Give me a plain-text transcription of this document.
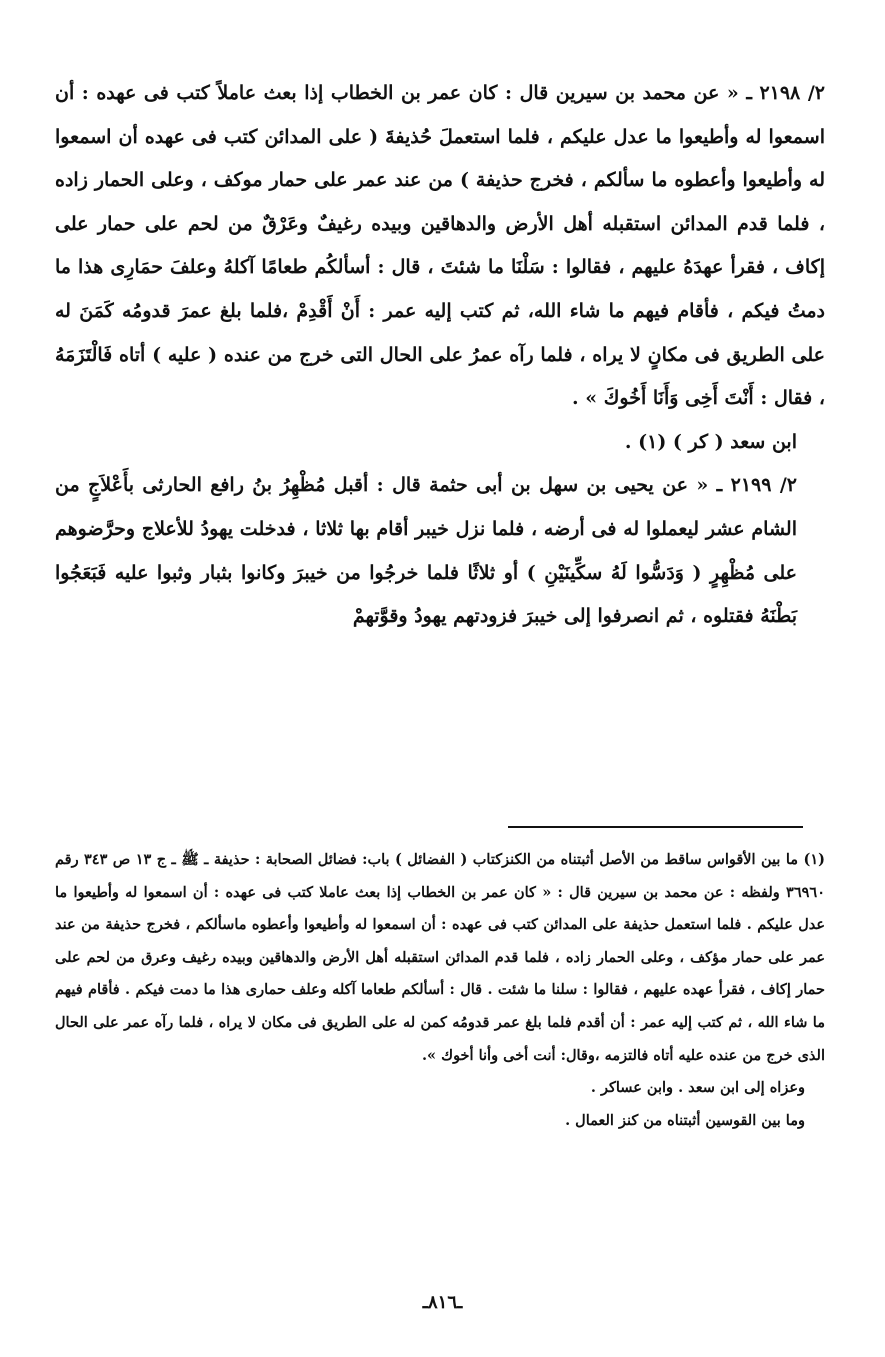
٢/ ٢١٩٨ ـ « عن محمد بن سيرين قال : كان عمر بن الخطاب إذا بعث عاملاً كتب فى عهده : أن اسمعوا له وأطيعوا ما عدل عليكم ، فلما استعملَ حُذيفةَ ( على المدائن كتب فى عهده أن اسمعوا له وأطيعوا وأعطوه ما سألكم ، فخرج حذيفة ) من عند عمر على حمار موكف ، وعلى الحمار زاده ، فلما قدم المدائن استقبله أهل الأرض والدهاقين وبيده رغيفٌ وعَرْقٌ من لحم على حمار على إكاف ، فقرأ عهدَهُ عليهم ، فقالوا : سَلْنَا ما شئتَ ، قال : أسألكُم طعامًا آكلهُ وعلفَ حمَارِى هذا ما دمتُ فيكم ، فأقام فيهم ما شاء الله، ثم كتب إليه عمر : أَنْ أَقْدِمْ ،فلما بلغ عمرَ قدومُه كَمَنَ له على الطريق فى مكانٍ لا يراه ، فلما رآه عمرُ على الحال التى خرج من عنده ( عليه ) أتاه فَالْتَزَمَهُ ، فقال : أَنْتَ أَخِى وَأَنَا أَخُوكَ » .

ابن سعد ( كر ) (١) .

٢/ ٢١٩٩ ـ « عن يحيى بن سهل بن أبى حثمة قال : أقبل مُظْهِرُ بنُ رافع الحارثى بأَعْلاَجٍ من الشام عشر ليعملوا له فى أرضه ، فلما نزل خيبر أقام بها ثلاثا ، فدخلت يهودُ للأعلاج وحرَّضوهم على مُظْهِرٍ ( وَدَسُّوا لَهُ سكِّينَيْنِ ) أو ثلاثًا فلما خرجُوا من خيبرَ وكانوا بثبار وثبوا عليه فَبَعَجُوا بَطْنَهُ فقتلوه ، ثم انصرفوا إلى خيبرَ فزودتهم يهودُ وقوَّتهمْ

(١) ما بين الأقواس ساقط من الأصل أثبتناه من الكنزكتاب ( الفضائل ) باب: فضائل الصحابة : حذيفة ـ ﷺ ـ ج ١٣ ص ٣٤٣ رقم ٣٦٩٦٠ ولفظه : عن محمد بن سيرين قال : « كان عمر بن الخطاب إذا بعث عاملا كتب فى عهده : أن اسمعوا له وأطيعوا ما عدل عليكم . فلما استعمل حذيفة على المدائن كتب فى عهده : أن اسمعوا له وأطيعوا وأعطوه ماسألكم ، فخرج حذيفة من عند عمر على حمار مؤكف ، وعلى الحمار زاده ، فلما قدم المدائن استقبله أهل الأرض والدهاقين وبيده رغيف وعرق من لحم على حمار إكاف ، فقرأ عهده عليهم ، فقالوا : سلنا ما شئت . قال : أسألكم طعاما آكله وعلف حمارى هذا ما دمت فيكم . فأقام فيهم ما شاء الله ، ثم كتب إليه عمر : أن أقدم فلما بلغ عمر قدومُه كمن له على الطريق فى مكان لا يراه ، فلما رآه عمر على الحال الذى خرج من عنده عليه أتاه فالتزمه ،وقال: أنت أخى وأنا أخوك ».

وعزاه إلى ابن سعد . وابن عساكر .

وما بين القوسين أثبتناه من كنز العمال .

ـ٨١٦ـ
